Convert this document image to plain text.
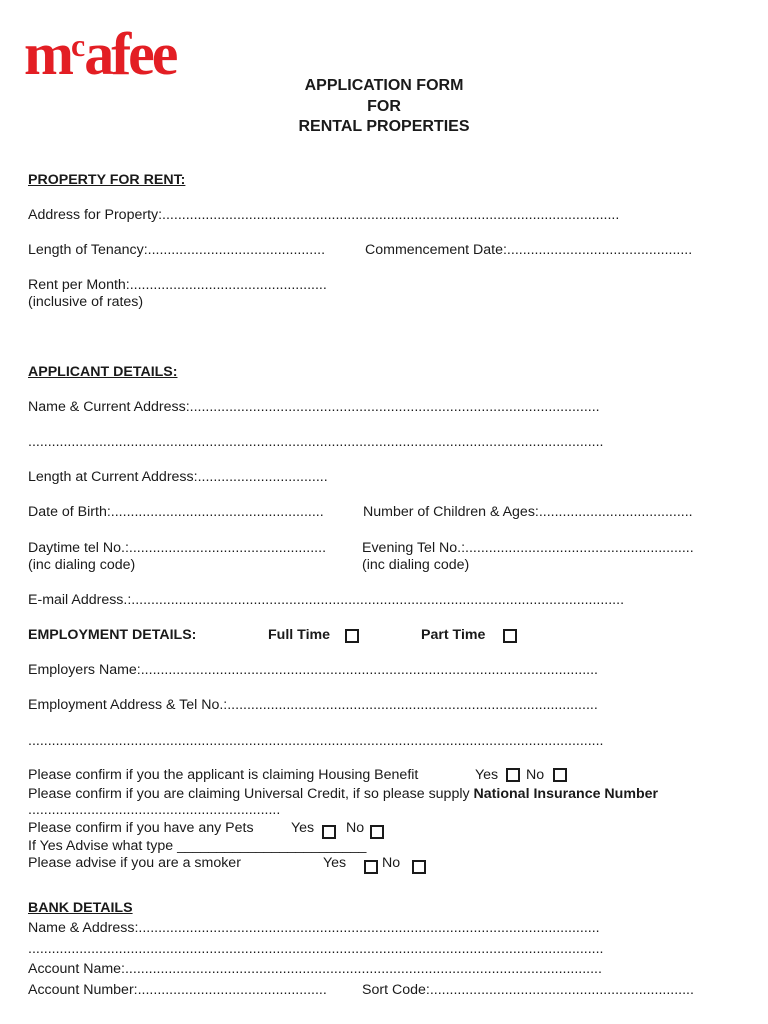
$m^cafee$	APPLICATION FORM
FOR
RENTAL PROPERTIES
PROPERTY FOR RENT:
Address for Property:....................................................................................................................
Length of Tenancy:.............................................	Commencement Date:...............................................
Rent per Month:..................................................
(inclusive of rates)
APPLICANT DETAILS:
Name & Current Address:........................................................................................................
..................................................................................................................................................
Length at Current Address:.................................
Date of Birth:......................................................	Number of Children & Ages:.......................................
Daytime tel No.:..................................................
(inc dialing code)
Evening Tel No.:..........................................................
(inc dialing code)
E-mail Address.:.............................................................................................................................
EMPLOYMENT DETAILS:	Full Time	Part Time
Employers Name:....................................................................................................................
Employment Address & Tel No.:..............................................................................................
..................................................................................................................................................
Please confirm if you the applicant is claiming Housing Benefit	Yes No
Please confirm if you are claiming Universal Credit, if so please supply National Insurance Number
................................................................
Please confirm if you have any Pets	Yes No
If Yes Advise what type ________________________
Please advise if you are a smoker	Yes	No
BANK DETAILS
Name & Address:.....................................................................................................................
..................................................................................................................................................
Account Name:.........................................................................................................................
Account Number:................................................	Sort Code:...................................................................
